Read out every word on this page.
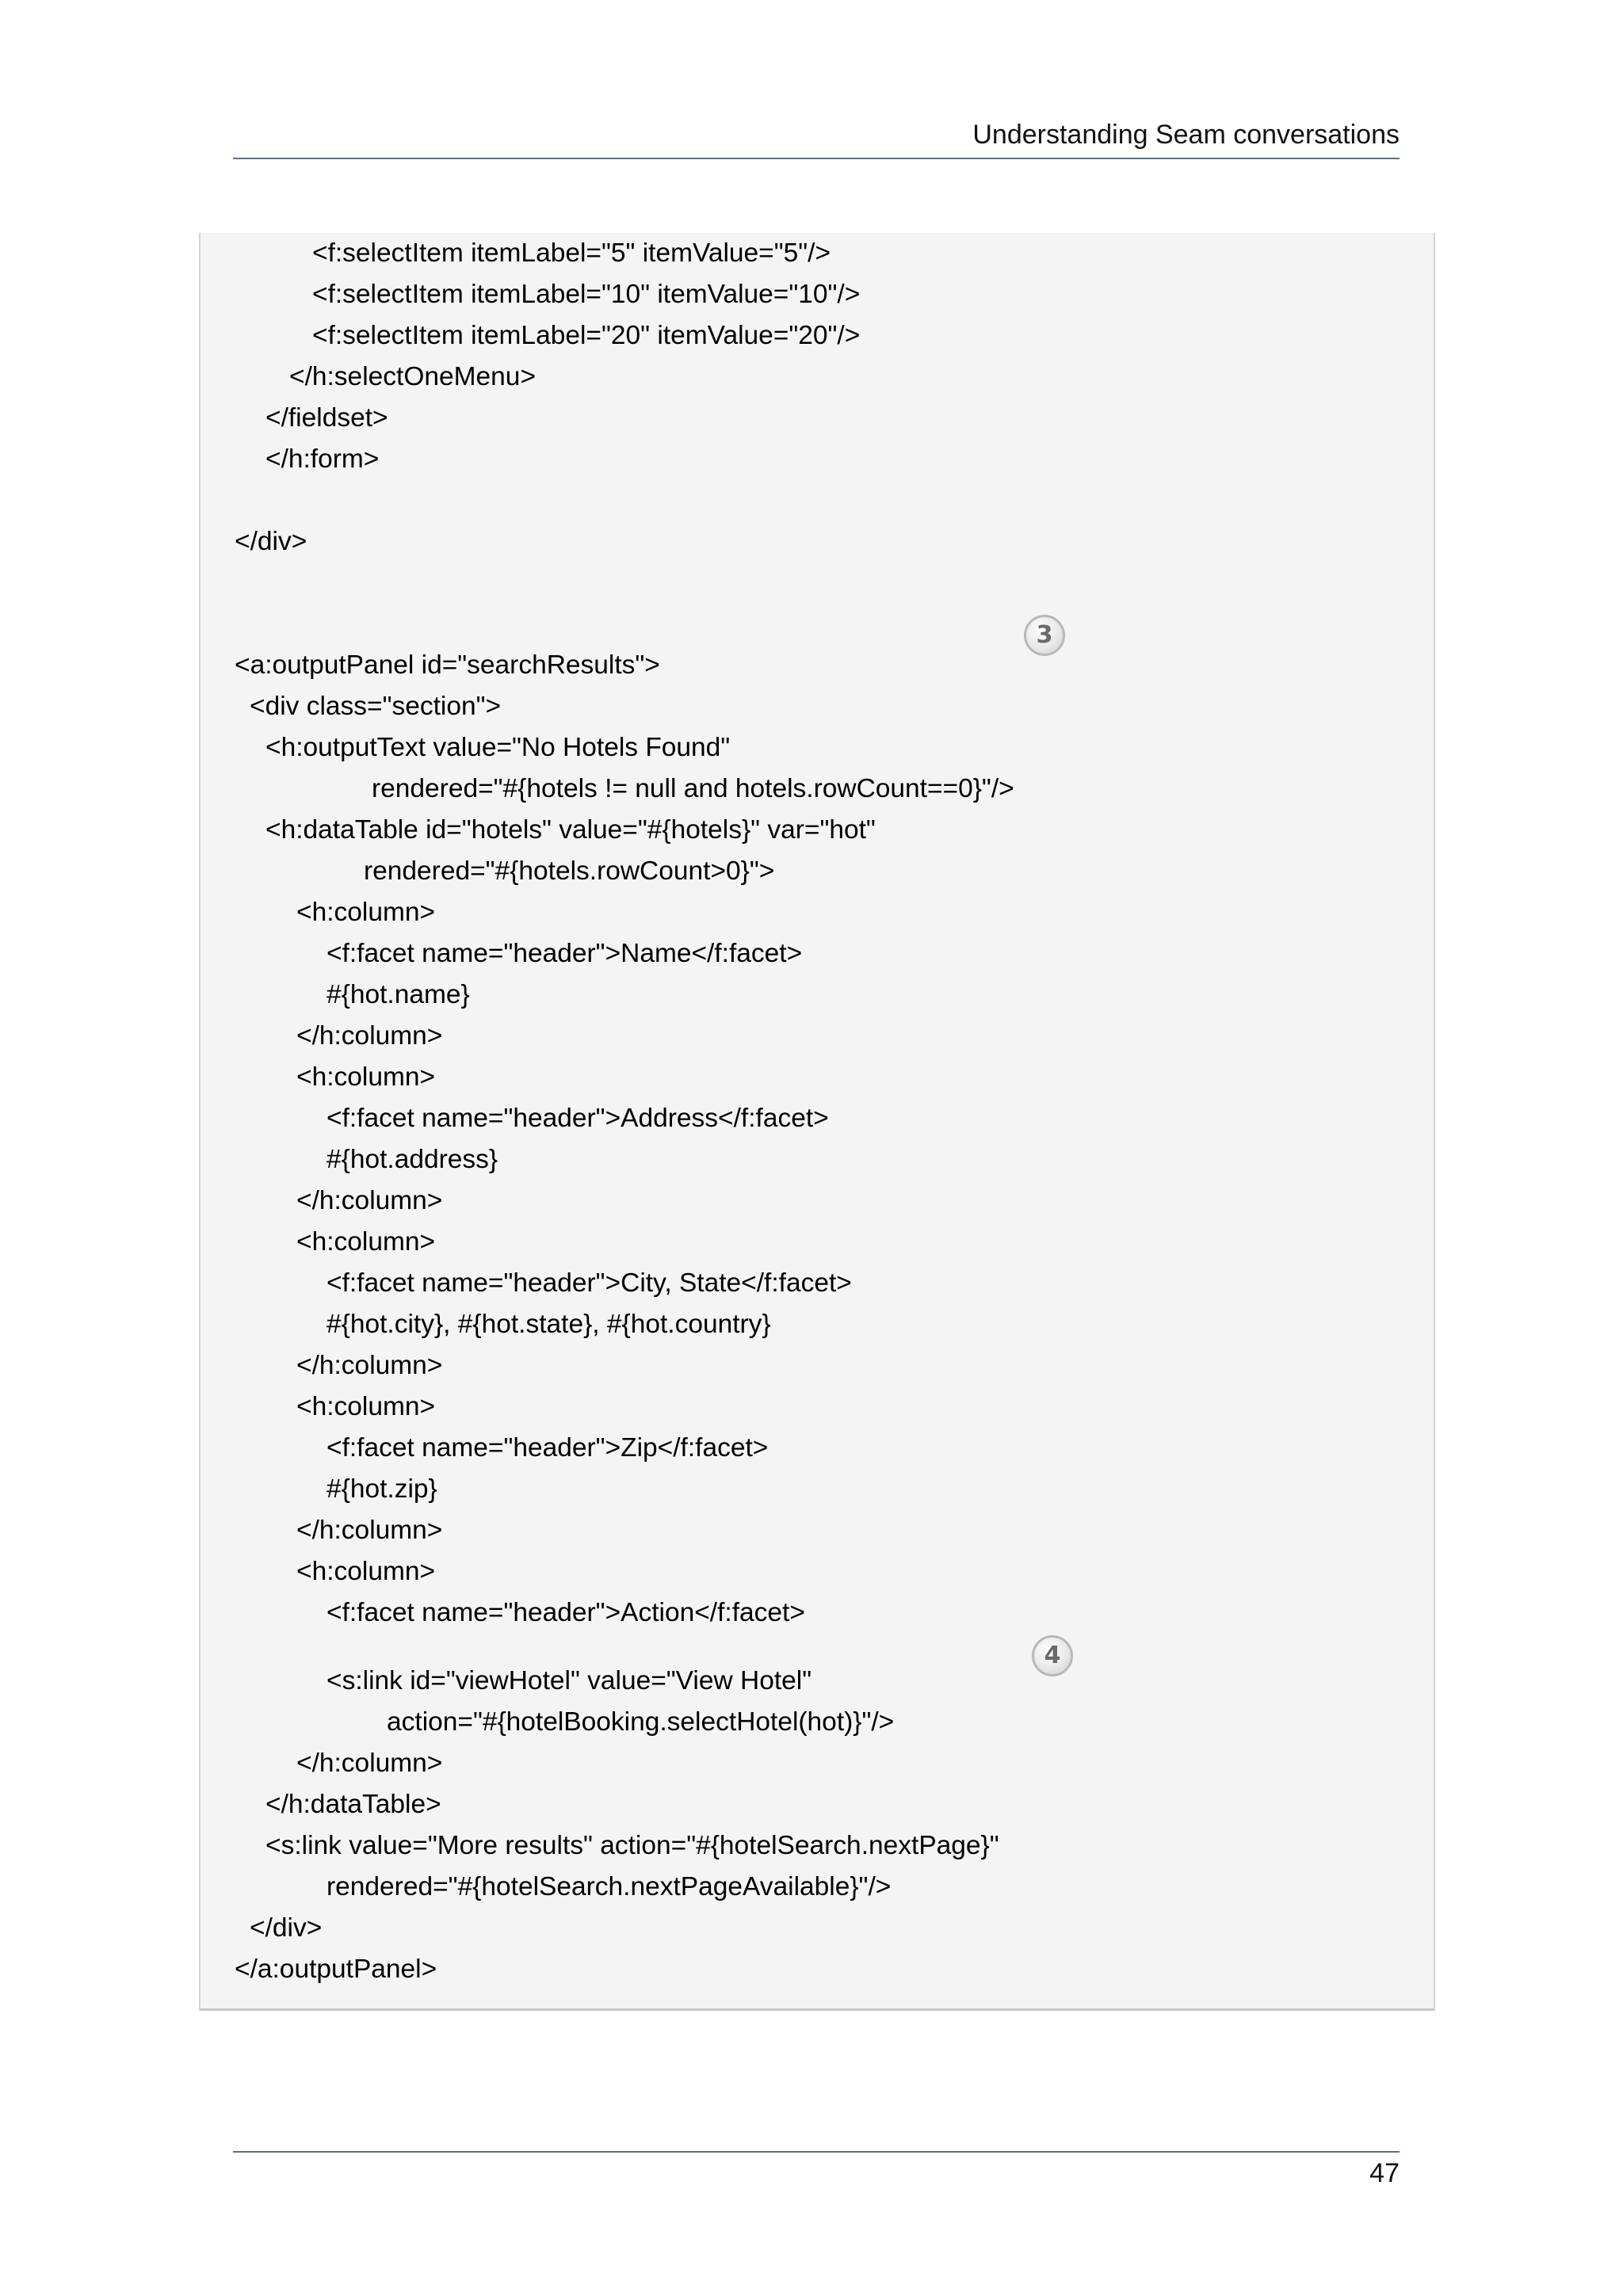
Understanding Seam conversations
<f:selectItem itemLabel="5" itemValue="5"/>
<f:selectItem itemLabel="10" itemValue="10"/>
<f:selectItem itemLabel="20" itemValue="20"/>
</h:selectOneMenu>
</fieldset>
</h:form>
</div>
<a:outputPanel id="searchResults">
<div class="section">
<h:outputText value="No Hotels Found"
rendered="#{hotels != null and hotels.rowCount==0}"/>
<h:dataTable id="hotels" value="#{hotels}" var="hot"
rendered="#{hotels.rowCount>0}">
<h:column>
<f:facet name="header">Name</f:facet>
#{hot.name}
</h:column>
<h:column>
<f:facet name="header">Address</f:facet>
#{hot.address}
</h:column>
<h:column>
<f:facet name="header">City, State</f:facet>
#{hot.city}, #{hot.state}, #{hot.country}
</h:column>
<h:column>
<f:facet name="header">Zip</f:facet>
#{hot.zip}
</h:column>
<h:column>
<f:facet name="header">Action</f:facet>
<s:link id="viewHotel" value="View Hotel"
action="#{hotelBooking.selectHotel(hot)}"/>
</h:column>
</h:dataTable>
<s:link value="More results" action="#{hotelSearch.nextPage}"
rendered="#{hotelSearch.nextPageAvailable}"/>
</div>
</a:outputPanel>
3
4
47
